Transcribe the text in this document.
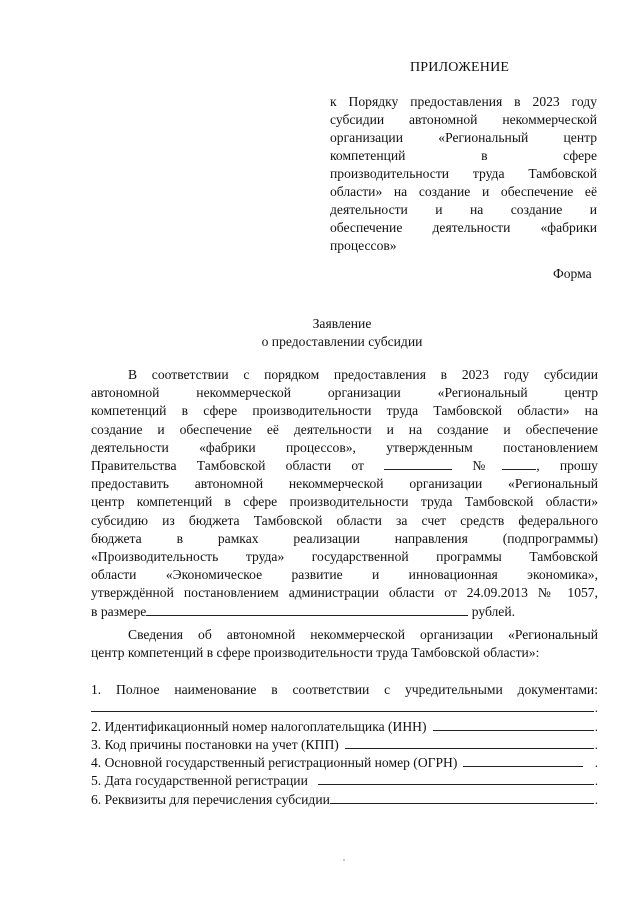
ПРИЛОЖЕНИЕ
к Порядку предоставления в 2023 году
субсидии автономной некоммерческой
организации «Региональный центр
компетенций в сфере
производительности труда Тамбовской
области» на создание и обеспечение её
деятельности и на создание и
обеспечение деятельности «фабрики
процессов»
Форма
Заявление
о предоставлении субсидии
В соответствии с порядком предоставления в 2023 году субсидии
автономной некоммерческой организации «Региональный центр
компетенций в сфере производительности труда Тамбовской области» на
создание и обеспечение её деятельности и на создание и обеспечение
деятельности «фабрики процессов», утвержденным постановлением
Правительства Тамбовской области от	№	, прошу
предоставить автономной некоммерческой организации «Региональный
центр компетенций в сфере производительности труда Тамбовской области»
субсидию из бюджета Тамбовской области за счет средств федерального
бюджета в рамках реализации направления (подпрограммы)
«Производительность труда» государственной программы Тамбовской
области «Экономическое развитие и инновационная экономика»,
утверждённой постановлением администрации области от 24.09.2013 № 1057,
в размере	рублей.
Сведения об автономной некоммерческой организации «Региональный
центр компетенций в сфере производительности труда Тамбовской области»:
1. Полное наименование в соответствии с учредительными документами:
.
2. Идентификационный номер налогоплательщика (ИНН)	.
3. Код причины постановки на учет (КПП)	.
4. Основной государственный регистрационный номер (ОГРН)	.
5. Дата государственной регистрации	.
6. Реквизиты для перечисления субсидии	.
